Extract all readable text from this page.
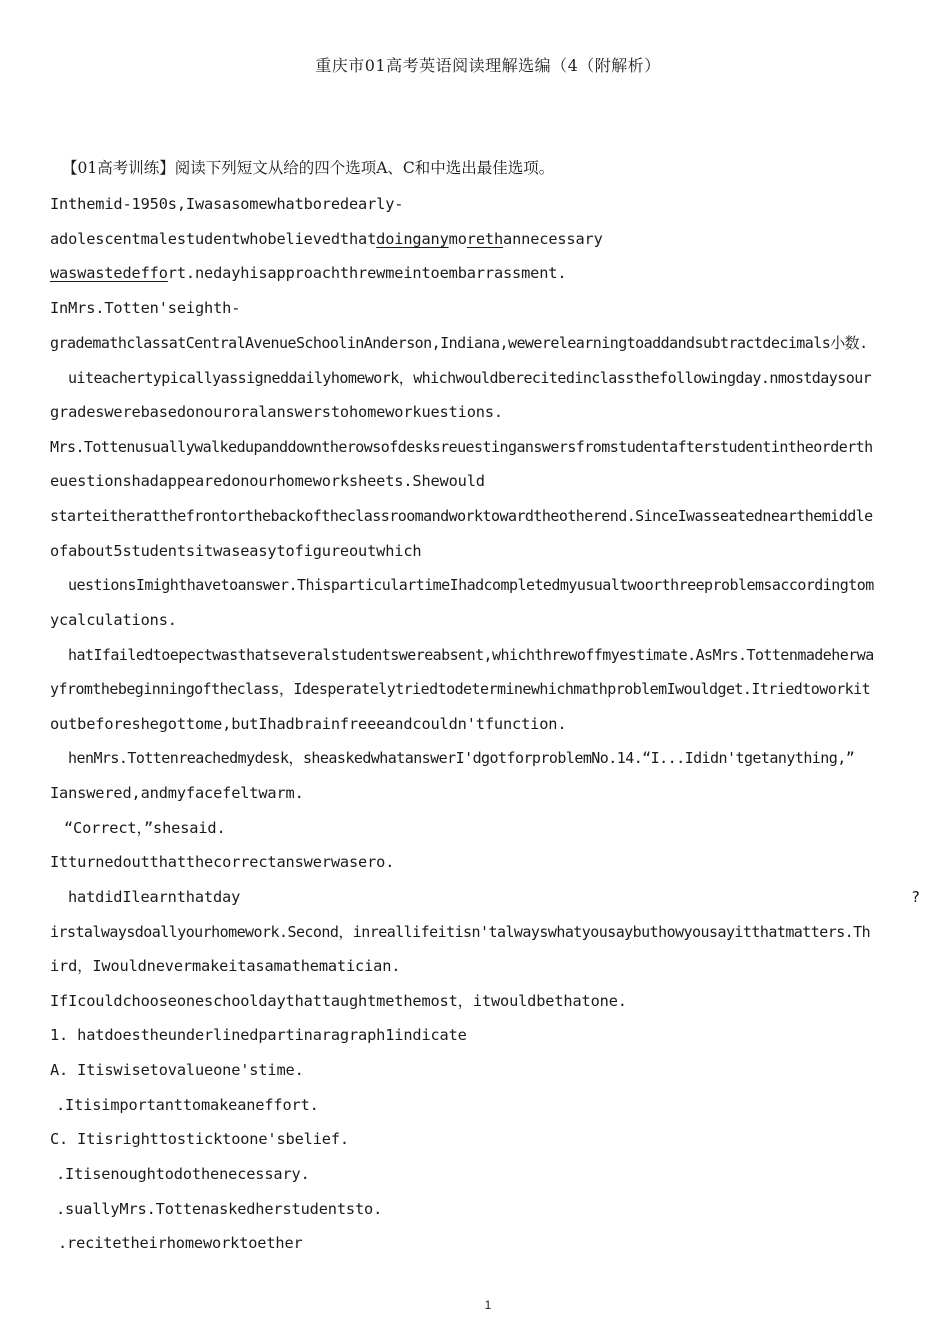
重庆市01高考英语阅读理解选编（4（附解析）
【01高考训练】阅读下列短文从给的四个选项A、C和中选出最佳选项。
Inthemid-1950s,Iwasasomewhatboredearly-
adolescentmalestudentwhobelievedthatdoinganymorethannecessary
waswastedeffort.nedayhisapproachthrewmeintoembarrassment.
InMrs.Totten'seighth-
grademathclassatCentralAvenueSchoolinAnderson,Indiana,wewerelearningtoaddandsubtractdecimals小数.
uiteachertypicallyassigneddailyhomework，whichwouldberecitedinclassthefollowingday.nmostdaysour
gradeswerebasedonouroralanswerstohomeworkuestions.
Mrs.Tottenusuallywalkedupanddowntherowsofdesksreuestinganswersfromstudentafterstudentintheorderth
euestionshadappearedonourhomeworksheets.Shewould
starteitheratthefrontorthebackoftheclassroomandworktowardtheotherend.SinceIwasseatednearthemiddle
ofabout5studentsitwaseasytofigureoutwhich
uestionsImighthavetoanswer.ThisparticulartimeIhadcompletedmyusualtwoorthreeproblemsaccordingtom
ycalculations.
hatIfailedtoepectwasthatseveralstudentswereabsent,whichthrewoffmyestimate.AsMrs.Tottenmadeherwa
yfromthebeginningoftheclass，IdesperatelytriedtodeterminewhichmathproblemIwouldget.Itriedtoworkit
outbeforeshegottome,butIhadbrainfreeeandcouldn'tfunction.
henMrs.Tottenreachedmydesk，sheaskedwhatanswerI'dgotforproblemNo.14.“I...Ididn'tgetanything,”
Ianswered,andmyfacefeltwarm.
“Correct，”shesaid.
Itturnedoutthatthecorrectanswerwasero.
hatdidIlearnthatday	?
irstalwaysdoallyourhomework.Second，inreallifeitisn'talwayswhatyousaybuthowyousayitthatmatters.Th
ird，Iwouldnevermakeitasamathematician.
IfIcouldchooseoneschooldaythattaughtmethemost，itwouldbethatone.
1. hatdoestheunderlinedpartinaragraph1indicate
A. Itiswisetovalueone'stime.
.Itisimportanttomakeaneffort.
C. Itisrighttosticktoone'sbelief.
.Itisenoughtodothenecessary.
.suallyMrs.Tottenaskedherstudentsto.
.recitetheirhomeworktoether
1
